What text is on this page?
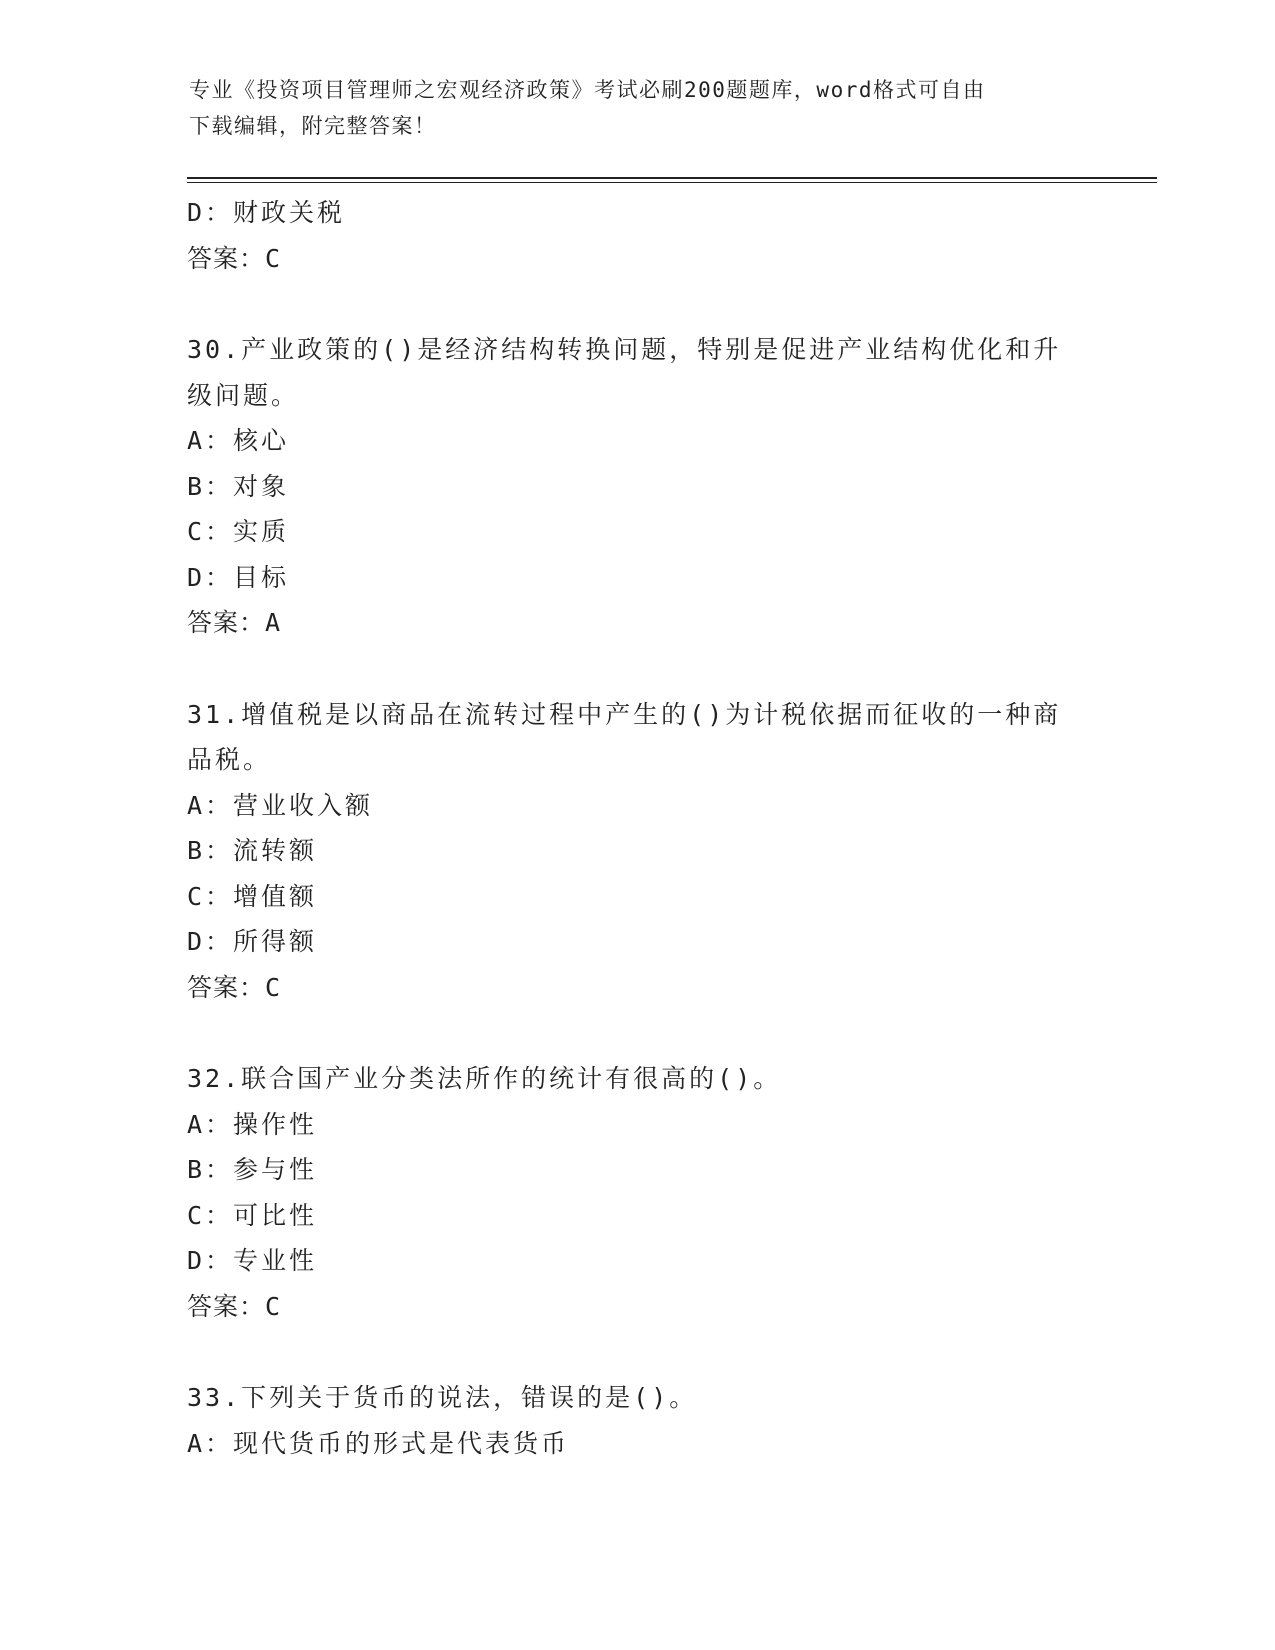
专业《投资项目管理师之宏观经济政策》考试必刷200题题库，word格式可自由
下载编辑，附完整答案！
D：财政关税
答案：C
30.产业政策的()是经济结构转换问题，特别是促进产业结构优化和升
级问题。
A：核心
B：对象
C：实质
D：目标
答案：A
31.增值税是以商品在流转过程中产生的()为计税依据而征收的一种商
品税。
A：营业收入额
B：流转额
C：增值额
D：所得额
答案：C
32.联合国产业分类法所作的统计有很高的()。
A：操作性
B：参与性
C：可比性
D：专业性
答案：C
33.下列关于货币的说法，错误的是()。
A：现代货币的形式是代表货币
